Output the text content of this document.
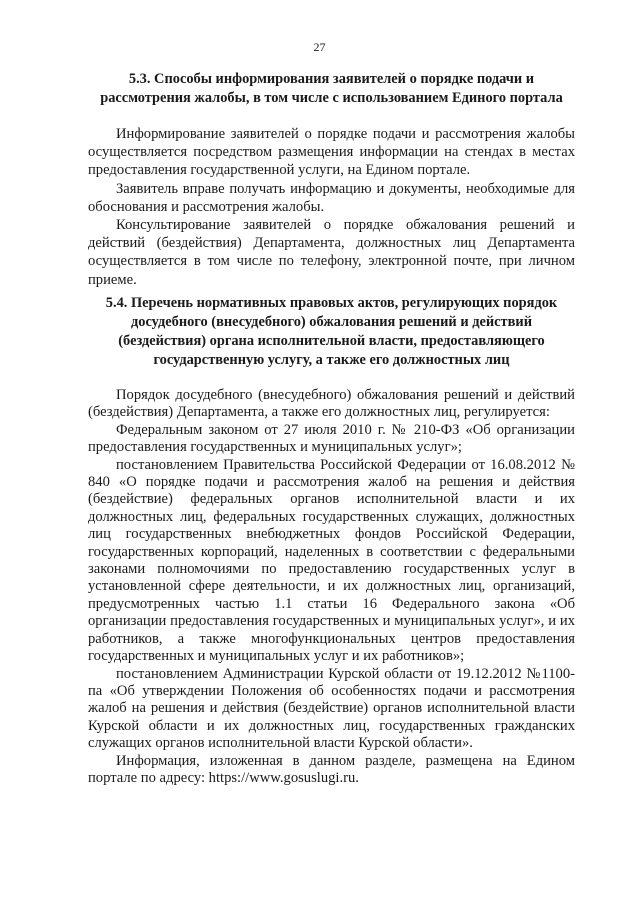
27
5.3. Способы информирования заявителей о порядке подачи и
рассмотрения жалобы, в том числе с использованием Единого портала

Информирование заявителей о порядке подачи и рассмотрения жалобы осуществляется посредством размещения информации на стендах в местах предоставления государственной услуги, на Едином портале.

Заявитель вправе получать информацию и документы, необходимые для обоснования и рассмотрения жалобы.

Консультирование заявителей о порядке обжалования решений и действий (бездействия) Департамента, должностных лиц Департамента осуществляется в том числе по телефону, электронной почте, при личном приеме.

5.4. Перечень нормативных правовых актов, регулирующих порядок
досудебного (внесудебного) обжалования решений и действий
(бездействия) органа исполнительной власти, предоставляющего
государственную услугу, а также его должностных лиц

Порядок досудебного (внесудебного) обжалования решений и действий (бездействия) Департамента, а также его должностных лиц, регулируется:

Федеральным законом от 27 июля 2010 г. № 210-ФЗ «Об организации предоставления государственных и муниципальных услуг»;

постановлением Правительства Российской Федерации от 16.08.2012 № 840 «О порядке подачи и рассмотрения жалоб на решения и действия (бездействие) федеральных органов исполнительной власти и их должностных лиц, федеральных государственных служащих, должностных лиц государственных внебюджетных фондов Российской Федерации, государственных корпораций, наделенных в соответствии с федеральными законами полномочиями по предоставлению государственных услуг в установленной сфере деятельности, и их должностных лиц, организаций, предусмотренных частью 1.1 статьи 16 Федерального закона «Об организации предоставления государственных и муниципальных услуг», и их работников, а также многофункциональных центров предоставления государственных и муниципальных услуг и их работников»;

постановлением Администрации Курской области от 19.12.2012 №1100-па «Об утверждении Положения об особенностях подачи и рассмотрения жалоб на решения и действия (бездействие) органов исполнительной власти Курской области и их должностных лиц, государственных гражданских служащих органов исполнительной власти Курской области».

Информация, изложенная в данном разделе, размещена на Едином портале по адресу: https://www.gosuslugi.ru.
